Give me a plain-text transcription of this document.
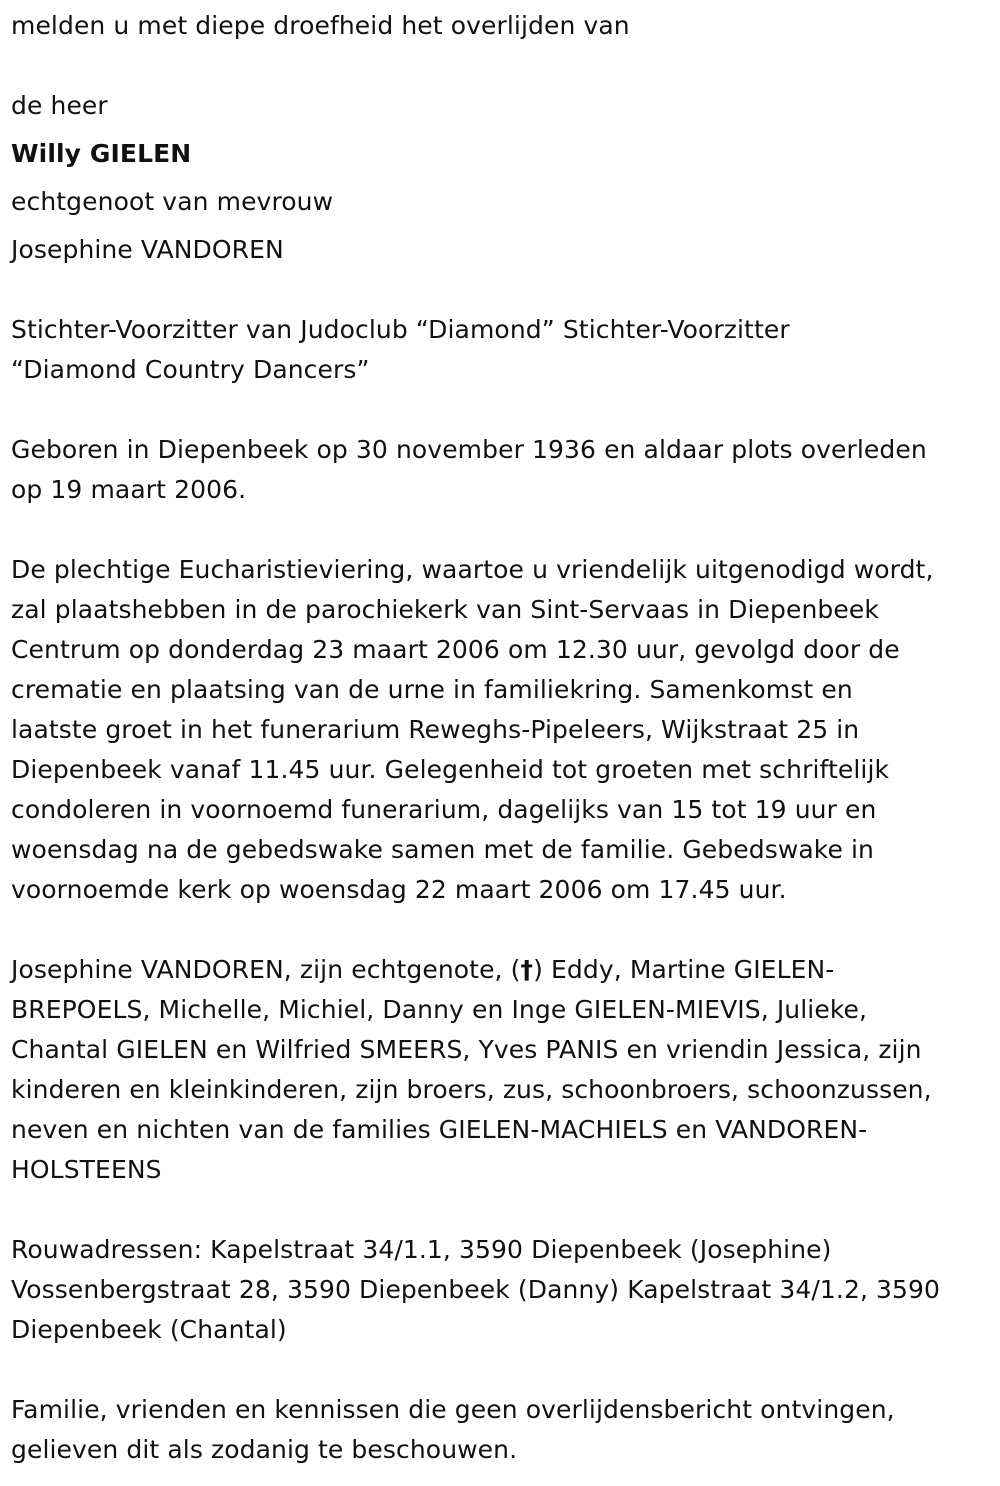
melden u met diepe droefheid het overlijden van
de heer
Willy GIELEN
echtgenoot van mevrouw
Josephine VANDOREN
Stichter-Voorzitter van Judoclub “Diamond” Stichter-Voorzitter
“Diamond Country Dancers”
Geboren in Diepenbeek op 30 november 1936 en aldaar plots overleden
op 19 maart 2006.
De plechtige Eucharistieviering, waartoe u vriendelijk uitgenodigd wordt,
zal plaatshebben in de parochiekerk van Sint-Servaas in Diepenbeek
Centrum op donderdag 23 maart 2006 om 12.30 uur, gevolgd door de
crematie en plaatsing van de urne in familiekring. Samenkomst en
laatste groet in het funerarium Reweghs-Pipeleers, Wijkstraat 25 in
Diepenbeek vanaf 11.45 uur. Gelegenheid tot groeten met schriftelijk
condoleren in voornoemd funerarium, dagelijks van 15 tot 19 uur en
woensdag na de gebedswake samen met de familie. Gebedswake in
voornoemde kerk op woensdag 22 maart 2006 om 17.45 uur.
Josephine VANDOREN, zijn echtgenote, (†) Eddy, Martine GIELEN-
BREPOELS, Michelle, Michiel, Danny en Inge GIELEN-MIEVIS, Julieke,
Chantal GIELEN en Wilfried SMEERS, Yves PANIS en vriendin Jessica, zijn
kinderen en kleinkinderen, zijn broers, zus, schoonbroers, schoonzussen,
neven en nichten van de families GIELEN-MACHIELS en VANDOREN-
HOLSTEENS
Rouwadressen: Kapelstraat 34/1.1, 3590 Diepenbeek (Josephine)
Vossenbergstraat 28, 3590 Diepenbeek (Danny) Kapelstraat 34/1.2, 3590
Diepenbeek (Chantal)
Familie, vrienden en kennissen die geen overlijdensbericht ontvingen,
gelieven dit als zodanig te beschouwen.
